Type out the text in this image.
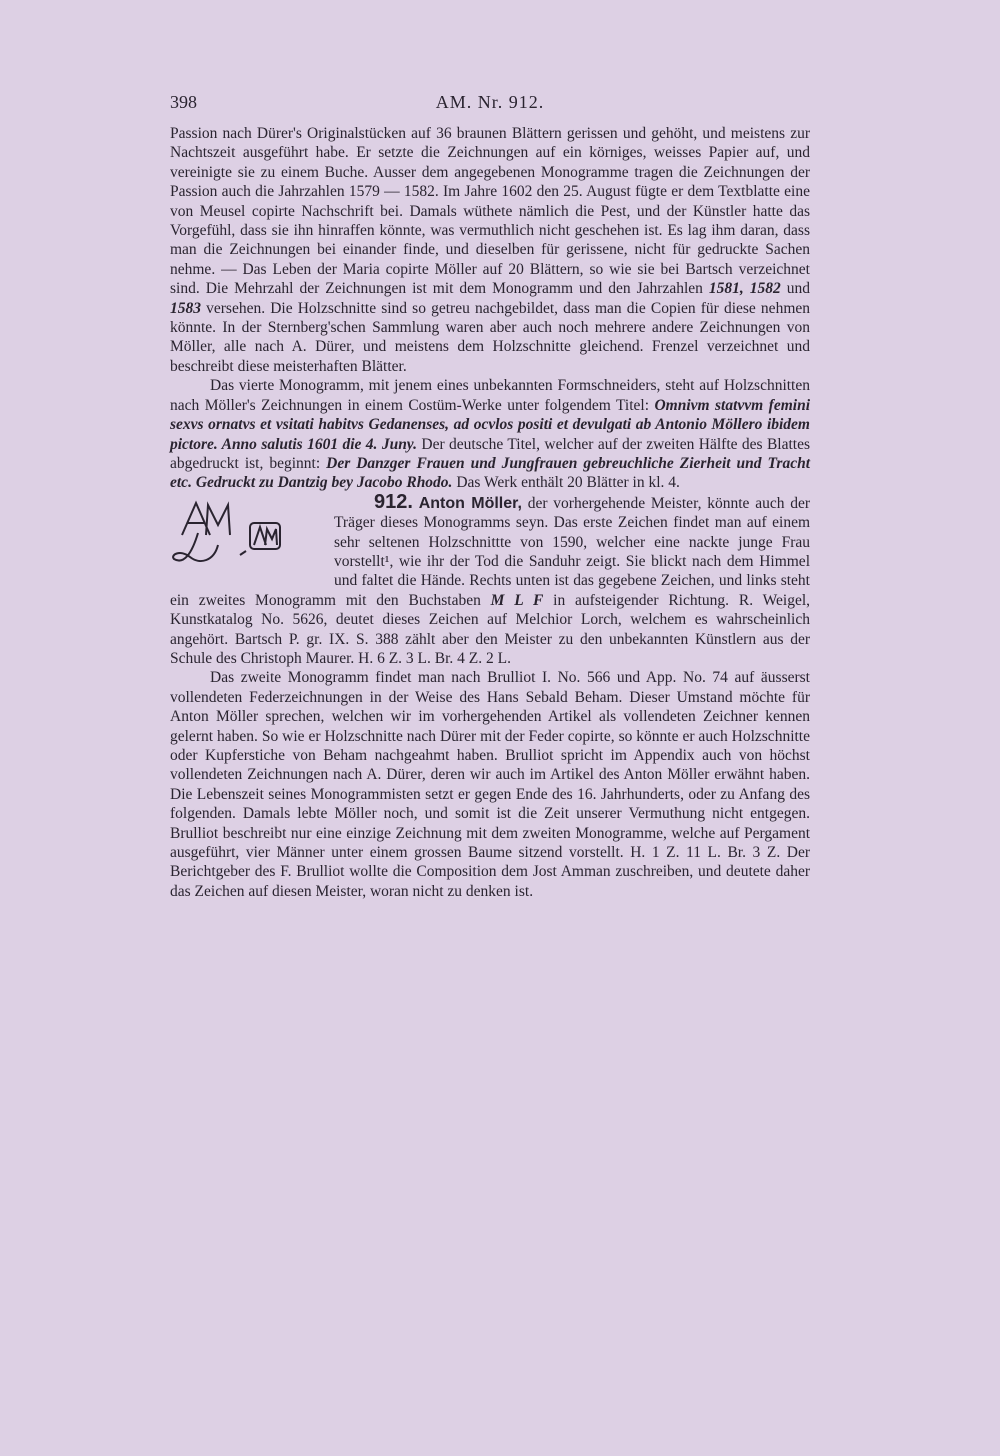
398	AM. Nr. 912.

Passion nach Dürer's Originalstücken auf 36 braunen Blättern gerissen und gehöht, und meistens zur Nachtszeit ausgeführt habe. Er setzte die Zeichnungen auf ein körniges, weisses Papier auf, und vereinigte sie zu einem Buche. Ausser dem angegebenen Monogramme tragen die Zeichnungen der Passion auch die Jahrzahlen 1579 — 1582. Im Jahre 1602 den 25. August fügte er dem Textblatte eine von Meusel copirte Nachschrift bei. Damals wüthete nämlich die Pest, und der Künstler hatte das Vorgefühl, dass sie ihn hinraffen könnte, was vermuthlich nicht geschehen ist. Es lag ihm daran, dass man die Zeichnungen bei einander finde, und dieselben für gerissene, nicht für gedruckte Sachen nehme. — Das Leben der Maria copirte Möller auf 20 Blättern, so wie sie bei Bartsch verzeichnet sind. Die Mehrzahl der Zeichnungen ist mit dem Monogramm und den Jahrzahlen 1581, 1582 und 1583 versehen. Die Holzschnitte sind so getreu nachgebildet, dass man die Copien für diese nehmen könnte. In der Sternberg'schen Sammlung waren aber auch noch mehrere andere Zeichnungen von Möller, alle nach A. Dürer, und meistens dem Holzschnitte gleichend. Frenzel verzeichnet und beschreibt diese meisterhaften Blätter.

Das vierte Monogramm, mit jenem eines unbekannten Formschneiders, steht auf Holzschnitten nach Möller's Zeichnungen in einem Costüm-Werke unter folgendem Titel: Omnivm statvvm femini sexvs ornatvs et vsitati habitvs Gedanenses, ad ocvlos positi et devulgati ab Antonio Möllero ibidem pictore. Anno salutis 1601 die 4. Juny. Der deutsche Titel, welcher auf der zweiten Hälfte des Blattes abgedruckt ist, beginnt: Der Danzger Frauen und Jungfrauen gebreuchliche Zierheit und Tracht etc. Gedruckt zu Dantzig bey Jacobo Rhodo. Das Werk enthält 20 Blätter in kl. 4.

912. Anton Möller, der vorhergehende Meister, könnte auch der Träger dieses Monogramms seyn. Das erste Zeichen findet man auf einem sehr seltenen Holzschnittte von 1590, welcher eine nackte junge Frau vorstellt¹, wie ihr der Tod die Sanduhr zeigt. Sie blickt nach dem Himmel und faltet die Hände. Rechts unten ist das gegebene Zeichen, und links steht ein zweites Monogramm mit den Buchstaben M L F in aufsteigender Richtung. R. Weigel, Kunstkatalog No. 5626, deutet dieses Zeichen auf Melchior Lorch, welchem es wahrscheinlich angehört. Bartsch P. gr. IX. S. 388 zählt aber den Meister zu den unbekannten Künstlern aus der Schule des Christoph Maurer. H. 6 Z. 3 L. Br. 4 Z. 2 L.

Das zweite Monogramm findet man nach Brulliot I. No. 566 und App. No. 74 auf äusserst vollendeten Federzeichnungen in der Weise des Hans Sebald Beham. Dieser Umstand möchte für Anton Möller sprechen, welchen wir im vorhergehenden Artikel als vollendeten Zeichner kennen gelernt haben. So wie er Holzschnitte nach Dürer mit der Feder copirte, so könnte er auch Holzschnitte oder Kupferstiche von Beham nachgeahmt haben. Brulliot spricht im Appendix auch von höchst vollendeten Zeichnungen nach A. Dürer, deren wir auch im Artikel des Anton Möller erwähnt haben. Die Lebenszeit seines Monogrammisten setzt er gegen Ende des 16. Jahrhunderts, oder zu Anfang des folgenden. Damals lebte Möller noch, und somit ist die Zeit unserer Vermuthung nicht entgegen. Brulliot beschreibt nur eine einzige Zeichnung mit dem zweiten Monogramme, welche auf Pergament ausgeführt, vier Männer unter einem grossen Baume sitzend vorstellt. H. 1 Z. 11 L. Br. 3 Z. Der Berichtgeber des F. Brulliot wollte die Composition dem Jost Amman zuschreiben, und deutete daher das Zeichen auf diesen Meister, woran nicht zu denken ist.
